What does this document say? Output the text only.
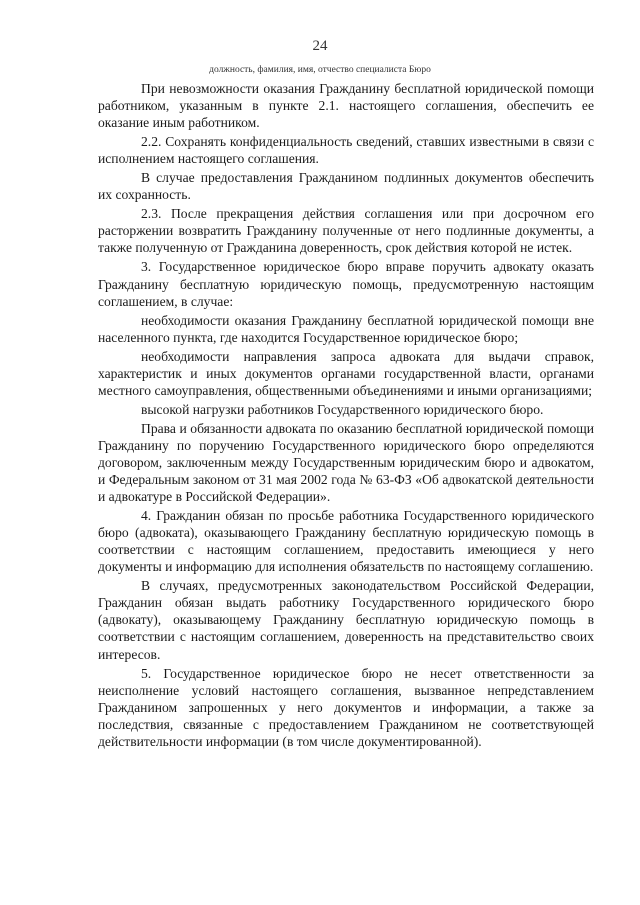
24
должность, фамилия, имя, отчество специалиста Бюро

При невозможности оказания Гражданину бесплатной юридической помощи работником, указанным в пункте 2.1. настоящего соглашения, обеспечить ее оказание иным работником.

2.2. Сохранять конфиденциальность сведений, ставших известными в связи с исполнением настоящего соглашения.

В случае предоставления Гражданином подлинных документов обеспечить их сохранность.

2.3. После прекращения действия соглашения или при досрочном его расторжении возвратить Гражданину полученные от него подлинные документы, а также полученную от Гражданина доверенность, срок действия которой не истек.

3. Государственное юридическое бюро вправе поручить адвокату оказать Гражданину бесплатную юридическую помощь, предусмотренную настоящим соглашением, в случае:

необходимости оказания Гражданину бесплатной юридической помощи вне населенного пункта, где находится Государственное юридическое бюро;

необходимости направления запроса адвоката для выдачи справок, характеристик и иных документов органами государственной власти, органами местного самоуправления, общественными объединениями и иными организациями;

высокой нагрузки работников Государственного юридического бюро.

Права и обязанности адвоката по оказанию бесплатной юридической помощи Гражданину по поручению Государственного юридического бюро определяются договором, заключенным между Государственным юридическим бюро и адвокатом, и Федеральным законом от 31 мая 2002 года № 63-ФЗ «Об адвокатской деятельности и адвокатуре в Российской Федерации».

4. Гражданин обязан по просьбе работника Государственного юридического бюро (адвоката), оказывающего Гражданину бесплатную юридическую помощь в соответствии с настоящим соглашением, предоставить имеющиеся у него документы и информацию для исполнения обязательств по настоящему соглашению.

В случаях, предусмотренных законодательством Российской Федерации, Гражданин обязан выдать работнику Государственного юридического бюро (адвокату), оказывающему Гражданину бесплатную юридическую помощь в соответствии с настоящим соглашением, доверенность на представительство своих интересов.

5. Государственное юридическое бюро не несет ответственности за неисполнение условий настоящего соглашения, вызванное непредставлением Гражданином запрошенных у него документов и информации, а также за последствия, связанные с предоставлением Гражданином не соответствующей действительности информации (в том числе документированной).
